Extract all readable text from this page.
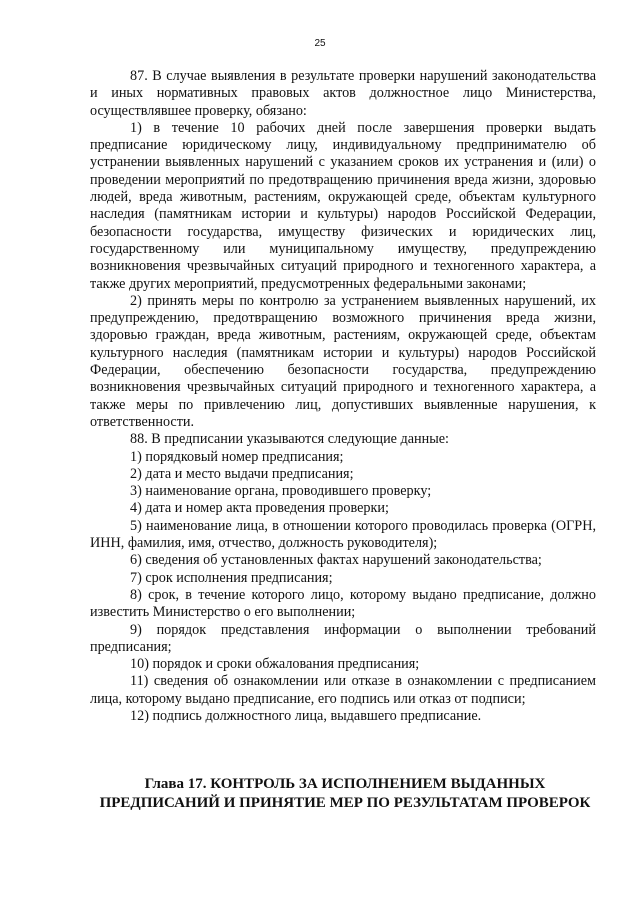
25

87. В случае выявления в результате проверки нарушений законодательства и иных нормативных правовых актов должностное лицо Министерства, осуществлявшее проверку, обязано:

1) в течение 10 рабочих дней после завершения проверки выдать предписание юридическому лицу, индивидуальному предпринимателю об устранении выявленных нарушений с указанием сроков их устранения и (или) о проведении мероприятий по предотвращению причинения вреда жизни, здоровью людей, вреда животным, растениям, окружающей среде, объектам культурного наследия (памятникам истории и культуры) народов Российской Федерации, безопасности государства, имуществу физических и юридических лиц, государственному или муниципальному имуществу, предупреждению возникновения чрезвычайных ситуаций природного и техногенного характера, а также других мероприятий, предусмотренных федеральными законами;

2) принять меры по контролю за устранением выявленных нарушений, их предупреждению, предотвращению возможного причинения вреда жизни, здоровью граждан, вреда животным, растениям, окружающей среде, объектам культурного наследия (памятникам истории и культуры) народов Российской Федерации, обеспечению безопасности государства, предупреждению возникновения чрезвычайных ситуаций природного и техногенного характера, а также меры по привлечению лиц, допустивших выявленные нарушения, к ответственности.

88. В предписании указываются следующие данные:

1) порядковый номер предписания;

2) дата и место выдачи предписания;

3) наименование органа, проводившего проверку;

4) дата и номер акта проведения проверки;

5) наименование лица, в отношении которого проводилась проверка (ОГРН, ИНН, фамилия, имя, отчество, должность руководителя);

6) сведения об установленных фактах нарушений законодательства;

7) срок исполнения предписания;

8) срок, в течение которого лицо, которому выдано предписание, должно известить Министерство о его выполнении;

9) порядок представления информации о выполнении требований предписания;

10) порядок и сроки обжалования предписания;

11) сведения об ознакомлении или отказе в ознакомлении с предписанием лица, которому выдано предписание, его подпись или отказ от подписи;

12) подпись должностного лица, выдавшего предписание.

Глава 17. КОНТРОЛЬ ЗА ИСПОЛНЕНИЕМ ВЫДАННЫХ
ПРЕДПИСАНИЙ И ПРИНЯТИЕ МЕР ПО РЕЗУЛЬТАТАМ ПРОВЕРОК
